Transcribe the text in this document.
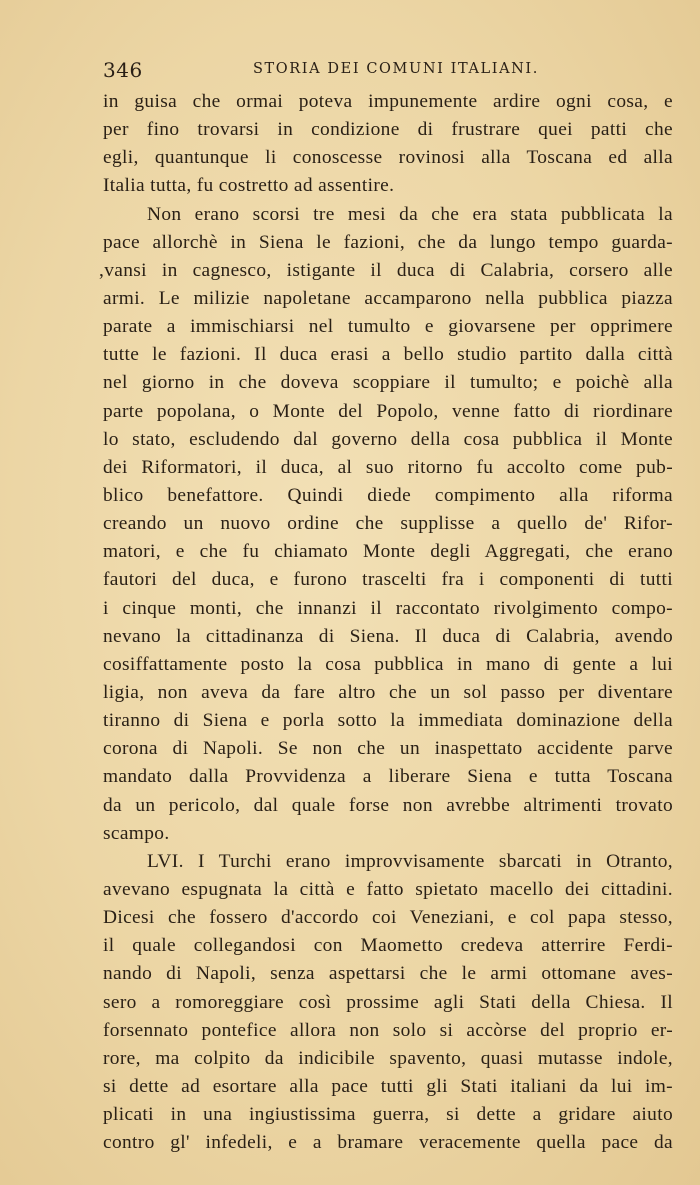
346	STORIA DEI COMUNI ITALIANI.
in guisa che ormai poteva impunemente ardire ogni cosa, e
per fino trovarsi in condizione di frustrare quei patti che
egli, quantunque li conoscesse rovinosi alla Toscana ed alla
Italia tutta, fu costretto ad assentire.
Non erano scorsi tre mesi da che era stata pubblicata la
pace allorchè in Siena le fazioni, che da lungo tempo guarda-
,vansi in cagnesco, istigante il duca di Calabria, corsero alle
armi. Le milizie napoletane accamparono nella pubblica piazza
parate a immischiarsi nel tumulto e giovarsene per opprimere
tutte le fazioni. Il duca erasi a bello studio partito dalla città
nel giorno in che doveva scoppiare il tumulto; e poichè alla
parte popolana, o Monte del Popolo, venne fatto di riordinare
lo stato, escludendo dal governo della cosa pubblica il Monte
dei Riformatori, il duca, al suo ritorno fu accolto come pub-
blico benefattore. Quindi diede compimento alla riforma
creando un nuovo ordine che supplisse a quello de' Rifor-
matori, e che fu chiamato Monte degli Aggregati, che erano
fautori del duca, e furono trascelti fra i componenti di tutti
i cinque monti, che innanzi il raccontato rivolgimento compo-
nevano la cittadinanza di Siena. Il duca di Calabria, avendo
cosiffattamente posto la cosa pubblica in mano di gente a lui
ligia, non aveva da fare altro che un sol passo per diventare
tiranno di Siena e porla sotto la immediata dominazione della
corona di Napoli. Se non che un inaspettato accidente parve
mandato dalla Provvidenza a liberare Siena e tutta Toscana
da un pericolo, dal quale forse non avrebbe altrimenti trovato
scampo.
LVI. I Turchi erano improvvisamente sbarcati in Otranto,
avevano espugnata la città e fatto spietato macello dei cittadini.
Dicesi che fossero d'accordo coi Veneziani, e col papa stesso,
il quale collegandosi con Maometto credeva atterrire Ferdi-
nando di Napoli, senza aspettarsi che le armi ottomane aves-
sero a romoreggiare così prossime agli Stati della Chiesa. Il
forsennato pontefice allora non solo si accòrse del proprio er-
rore, ma colpito da indicibile spavento, quasi mutasse indole,
si dette ad esortare alla pace tutti gli Stati italiani da lui im-
plicati in una ingiustissima guerra, si dette a gridare aiuto
contro gl' infedeli, e a bramare veracemente quella pace da
